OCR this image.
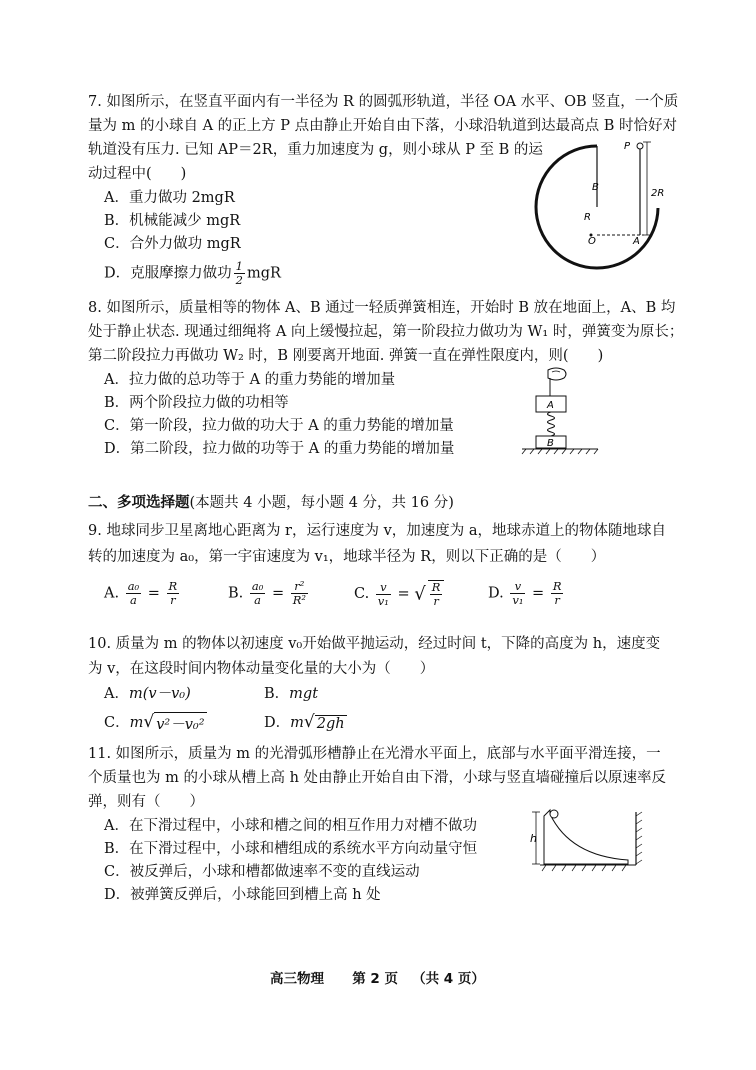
7. 如图所示，在竖直平面内有一半径为 R 的圆弧形轨道，半径 OA 水平、OB 竖直，一个质
量为 m 的小球自 A 的正上方 P 点由静止开始自由下落，小球沿轨道到达最高点 B 时恰好对
轨道没有压力. 已知 AP＝2R，重力加速度为 g，则小球从 P 至 B 的运
动过程中(　　)
A．重力做功 2mgR
B．机械能减少 mgR
C．合外力做功 mgR
D．克服摩擦力做功 $\frac{1}{2}$ mgR
P
B
R
O	A
2R
8. 如图所示，质量相等的物体 A、B 通过一轻质弹簧相连，开始时 B 放在地面上，A、B 均
处于静止状态. 现通过细绳将 A 向上缓慢拉起，第一阶段拉力做功为 W₁ 时，弹簧变为原长；
第二阶段拉力再做功 W₂ 时，B 刚要离开地面. 弹簧一直在弹性限度内，则(　　)
A．拉力做的总功等于 A 的重力势能的增加量
B．两个阶段拉力做的功相等
C．第一阶段，拉力做的功大于 A 的重力势能的增加量
D．第二阶段，拉力做的功等于 A 的重力势能的增加量
A
B
二、多项选择题(本题共 4 小题，每小题 4 分，共 16 分)
9. 地球同步卫星离地心距离为 r，运行速度为 v，加速度为 a，地球赤道上的物体随地球自
转的加速度为 a₀，第一宇宙速度为 v₁，地球半径为 R，则以下正确的是（　　）
A. $\frac{\text{a₀}}{a} = \frac{R}{r}$	B. $\frac{\text{a₀}}{a} = \frac{\text{r²}}{\text{R²}}$	C. $\frac{v}{\text{v₁}}$ = √ $\frac{R}{r}$	D. $\frac{v}{\text{v₁}} = \frac{R}{r}$
10. 质量为 m 的物体以初速度 v₀开始做平抛运动，经过时间 t，下降的高度为 h，速度变
为 v，在这段时间内物体动量变化量的大小为（　　）
A．m(v－v₀)	B．mgt
C．m√ v²－v₀²	D．m√ 2gh
11. 如图所示，质量为 m 的光滑弧形槽静止在光滑水平面上，底部与水平面平滑连接，一
个质量也为 m 的小球从槽上高 h 处由静止开始自由下滑，小球与竖直墙碰撞后以原速率反
弹，则有（　　）
A．在下滑过程中，小球和槽之间的相互作用力对槽不做功
B．在下滑过程中，小球和槽组成的系统水平方向动量守恒
C．被反弹后，小球和槽都做速率不变的直线运动
D．被弹簧反弹后，小球能回到槽上高 h 处
h
高三物理 第 2 页 （共 4 页）
